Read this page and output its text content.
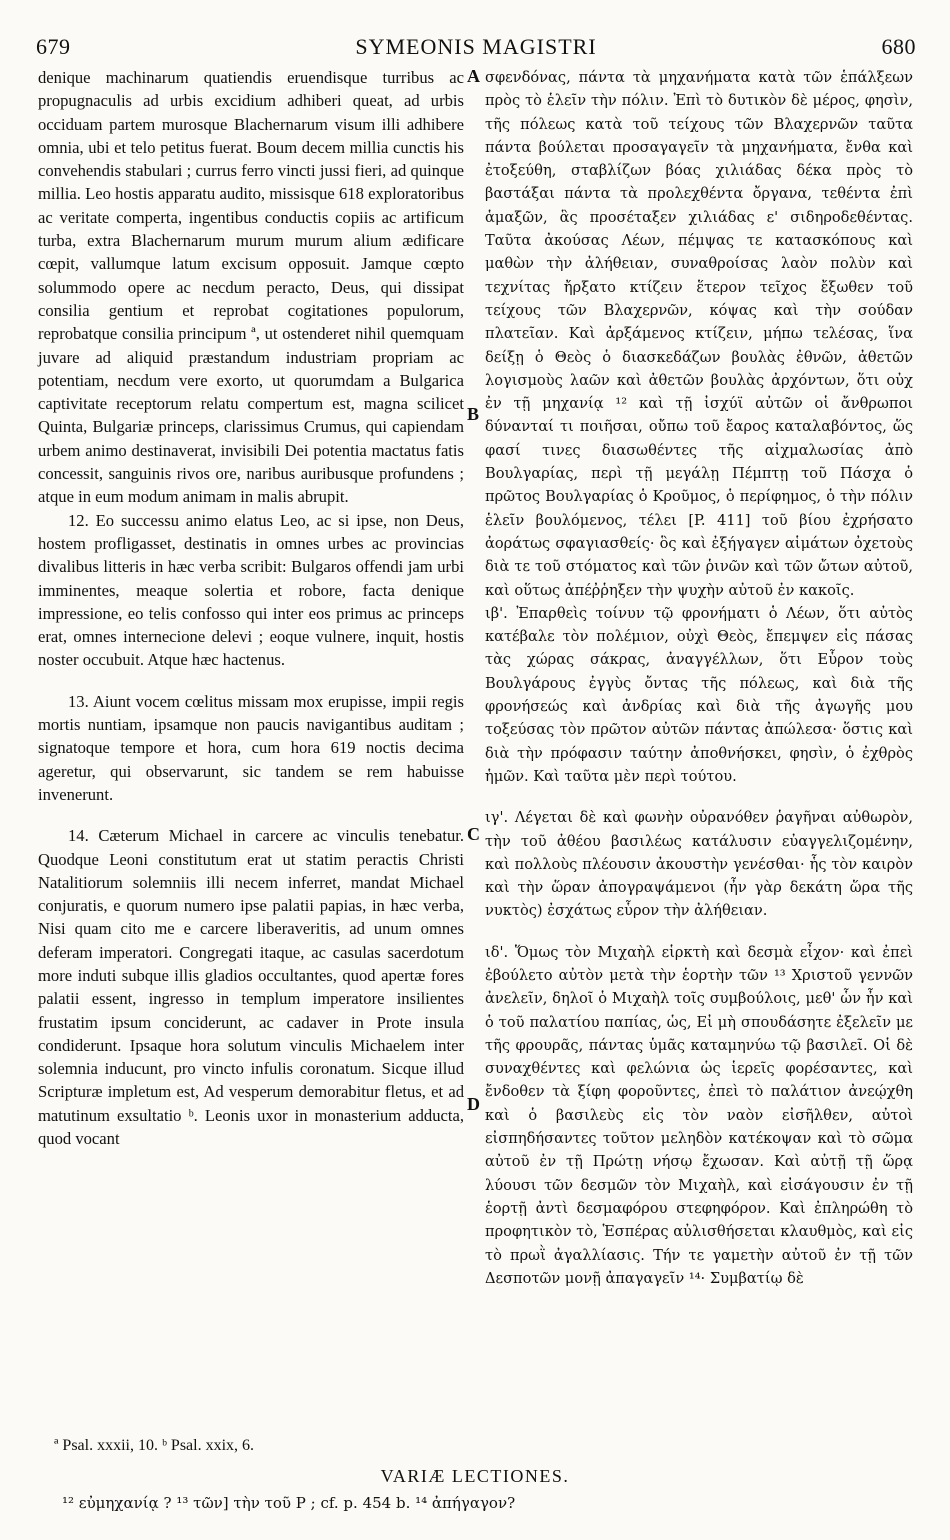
679	SYMEONIS MAGISTRI	680

denique machinarum quatiendis eruendisque turribus ac propugnaculis ad urbis excidium adhiberi queat, ad urbis occiduam partem murosque Blachernarum visum illi adhibere omnia, ubi et telo petitus fuerat. Boum decem millia cunctis his convehendis stabulari ; currus ferro vincti jussi fieri, ad quinque millia. Leo hostis apparatu audito, missisque 618 exploratoribus ac veritate comperta, ingentibus conductis copiis ac artificum turba, extra Blachernarum murum murum alium ædificare cœpit, vallumque latum excisum opposuit. Jamque cœpto solummodo opere ac necdum peracto, Deus, qui dissipat consilia gentium et reprobat cogitationes populorum, reprobatque consilia principum ª, ut ostenderet nihil quemquam juvare ad aliquid præstandum industriam propriam ac potentiam, necdum vere exorto, ut quorumdam a Bulgarica captivitate receptorum relatu compertum est, magna scilicet Quinta, Bulgariæ princeps, clarissimus Crumus, qui capiendam urbem animo destinaverat, invisibili Dei potentia mactatus fatis concessit, sanguinis rivos ore, naribus auribusque profundens ; atque in eum modum animam in malis abrupit.

12. Eo successu animo elatus Leo, ac si ipse, non Deus, hostem profligasset, destinatis in omnes urbes ac provincias divalibus litteris in hæc verba scribit: Bulgaros offendi jam urbi imminentes, meaque solertia et robore, facta denique impressione, eo telis confosso qui inter eos primus ac princeps erat, omnes internecione delevi ; eoque vulnere, inquit, hostis noster occubuit. Atque hæc hactenus.

13. Aiunt vocem cœlitus missam mox erupisse, impii regis mortis nuntiam, ipsamque non paucis navigantibus auditam ; signatoque tempore et hora, cum hora 619 noctis decima ageretur, qui observarunt, sic tandem se rem habuisse invenerunt.

14. Cæterum Michael in carcere ac vinculis tenebatur. Quodque Leoni constitutum erat ut statim peractis Christi Natalitiorum solemniis illi necem inferret, mandat Michael conjuratis, e quorum numero ipse palatii papias, in hæc verba, Nisi quam cito me e carcere liberaveritis, ad unum omnes deferam imperatori. Congregati itaque, ac casulas sacerdotum more induti subque illis gladios occultantes, quod apertæ fores palatii essent, ingresso in templum imperatore insilientes frustatim ipsum conciderunt, ac cadaver in Prote insula condiderunt. Ipsaque hora solutum vinculis Michaelem inter solemnia inducunt, pro vincto infulis coronatum. Sicque illud Scripturæ impletum est, Ad vesperum demorabitur fletus, et ad matutinum exsultatio ᵇ. Leonis uxor in monasterium adducta, quod vocant

A
B
C
D

σφενδόνας, πάντα τὰ μηχανήματα κατὰ τῶν ἑπάλξεων πρὸς τὸ ἑλεῖν τὴν πόλιν. Ἐπὶ τὸ δυτικὸν δὲ μέρος, φησὶν, τῆς πόλεως κατὰ τοῦ τείχους τῶν Βλαχερνῶν ταῦτα πάντα βούλεται προσαγαγεῖν τὰ μηχανήματα, ἔνθα καὶ ἐτοξεύθη, σταβλίζων βόας χιλιάδας δέκα πρὸς τὸ βαστάξαι πάντα τὰ προλεχθέντα ὄργανα, τεθέντα ἐπὶ ἁμαξῶν, ἃς προσέταξεν χιλιάδας ε' σιδηροδεθέντας. Ταῦτα ἀκούσας Λέων, πέμψας τε κατασκόπους καὶ μαθὼν τὴν ἀλήθειαν, συναθροίσας λαὸν πολὺν καὶ τεχνίτας ἤρξατο κτίζειν ἕτερον τεῖχος ἔξωθεν τοῦ τείχους τῶν Βλαχερνῶν, κόψας καὶ τὴν σούδαν πλατεῖαν. Καὶ ἀρξάμενος κτίζειν, μήπω τελέσας, ἵνα δείξῃ ὁ Θεὸς ὁ διασκεδάζων βουλὰς ἐθνῶν, ἀθετῶν λογισμοὺς λαῶν καὶ ἀθετῶν βουλὰς ἀρχόντων, ὅτι οὐχ ἐν τῇ μηχανίᾳ ¹² καὶ τῇ ἰσχύϊ αὐτῶν οἱ ἄνθρωποι δύνανταί τι ποιῆσαι, οὔπω τοῦ ἔαρος καταλαβόντος, ὥς φασί τινες διασωθέντες τῆς αἰχμαλωσίας ἀπὸ Βουλγαρίας, περὶ τῇ μεγάλῃ Πέμπτῃ τοῦ Πάσχα ὁ πρῶτος Βουλγαρίας ὁ Κροῦμος, ὁ περίφημος, ὁ τὴν πόλιν ἑλεῖν βουλόμενος, τέλει [P. 411] τοῦ βίου ἐχρήσατο ἀοράτως σφαγιασθείς· ὃς καὶ ἐξήγαγεν αἱμάτων ὀχετοὺς διὰ τε τοῦ στόματος καὶ τῶν ῥινῶν καὶ τῶν ὤτων αὐτοῦ, καὶ οὕτως ἀπέῤῥηξεν τὴν ψυχὴν αὐτοῦ ἐν κακοῖς.

ιβ'. Ἐπαρθεὶς τοίνυν τῷ φρονήματι ὁ Λέων, ὅτι αὐτὸς κατέβαλε τὸν πολέμιον, οὐχὶ Θεὸς, ἔπεμψεν εἰς πάσας τὰς χώρας σάκρας, ἀναγγέλλων, ὅτι Εὗρον τοὺς Βουλγάρους ἐγγὺς ὄντας τῆς πόλεως, καὶ διὰ τῆς φρονήσεώς καὶ ἀνδρίας καὶ διὰ τῆς ἀγωγῆς μου τοξεύσας τὸν πρῶτον αὐτῶν πάντας ἀπώλεσα· ὅστις καὶ διὰ τὴν πρόφασιν ταύτην ἀποθνήσκει, φησὶν, ὁ ἐχθρὸς ἡμῶν. Καὶ ταῦτα μὲν περὶ τούτου.

ιγ'. Λέγεται δὲ καὶ φωνὴν οὐρανόθεν ῥαγῆναι αὐθωρὸν, τὴν τοῦ ἀθέου βασιλέως κατάλυσιν εὐαγγελιζομένην, καὶ πολλοὺς πλέουσιν ἀκουστὴν γενέσθαι· ἧς τὸν καιρὸν καὶ τὴν ὥραν ἀπογραψάμενοι (ἦν γὰρ δεκάτη ὥρα τῆς νυκτὸς) ἐσχάτως εὗρον τὴν ἀλήθειαν.

ιδ'. Ὅμως τὸν Μιχαὴλ εἱρκτὴ καὶ δεσμὰ εἶχον· καὶ ἐπεὶ ἐβούλετο αὐτὸν μετὰ τὴν ἑορτὴν τῶν ¹³ Χριστοῦ γεννῶν ἀνελεῖν, δηλοῖ ὁ Μιχαὴλ τοῖς συμβούλοις, μεθ' ὧν ἦν καὶ ὁ τοῦ παλατίου παπίας, ὡς, Εἰ μὴ σπουδάσητε ἐξελεῖν με τῆς φρουρᾶς, πάντας ὑμᾶς καταμηνύω τῷ βασιλεῖ. Οἱ δὲ συναχθέντες καὶ φελώνια ὡς ἱερεῖς φορέσαντες, καὶ ἔνδοθεν τὰ ξίφη φοροῦντες, ἐπεὶ τὸ παλάτιον ἀνεῴχθη καὶ ὁ βασιλεὺς εἰς τὸν ναὸν εἰσῆλθεν, αὐτοὶ εἰσπηδήσαντες τοῦτον μεληδὸν κατέκοψαν καὶ τὸ σῶμα αὐτοῦ ἐν τῇ Πρώτῃ νήσῳ ἔχωσαν. Καὶ αὐτῇ τῇ ὥρᾳ λύουσι τῶν δεσμῶν τὸν Μιχαὴλ, καὶ εἰσάγουσιν ἐν τῇ ἑορτῇ ἀντὶ δεσμαφόρου στεφηφόρον. Καὶ ἐπληρώθη τὸ προφητικὸν τὸ, Ἑσπέρας αὐλισθήσεται κλαυθμὸς, καὶ εἰς τὸ πρωῒ ἀγαλλίασις. Τήν τε γαμετὴν αὐτοῦ ἐν τῇ τῶν Δεσποτῶν μονῇ ἀπαγαγεῖν ¹⁴· Συμβατίῳ δὲ

ª Psal. xxxii, 10. ᵇ Psal. xxix, 6.
VARIÆ LECTIONES.
¹² εὐμηχανίᾳ ? ¹³ τῶν] τὴν τοῦ P ; cf. p. 454 b. ¹⁴ ἀπήγαγον?
